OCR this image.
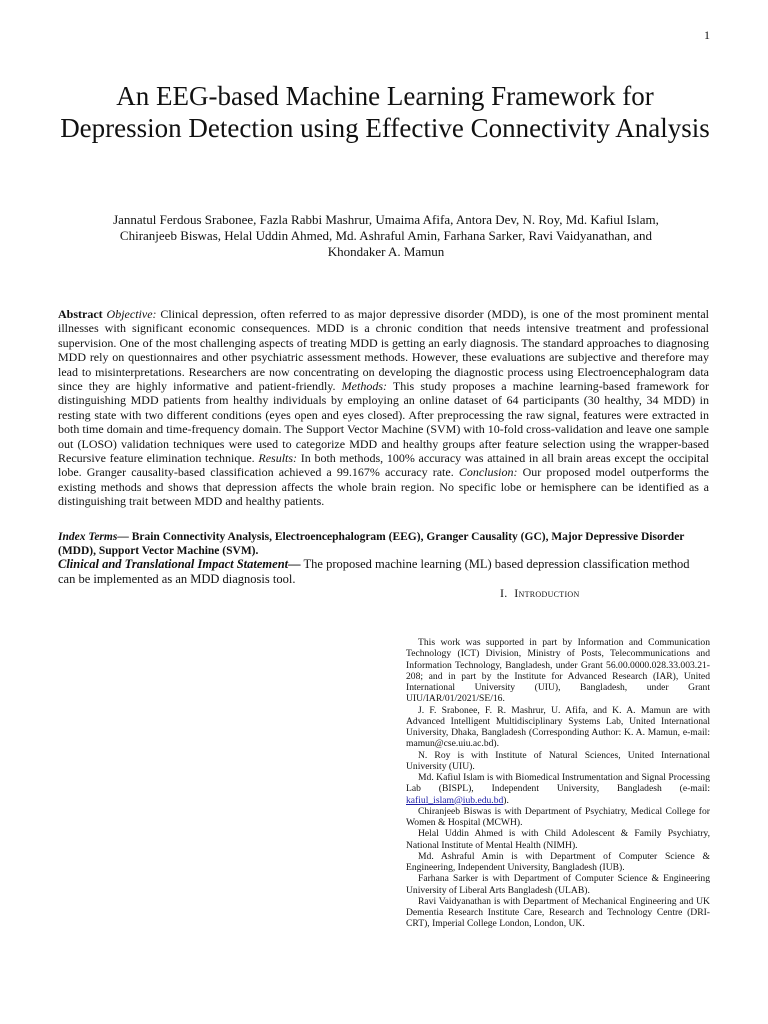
1
An EEG-based Machine Learning Framework for Depression Detection using Effective Connectivity Analysis
Jannatul Ferdous Srabonee, Fazla Rabbi Mashrur, Umaima Afifa, Antora Dev, N. Roy, Md. Kafiul Islam, Chiranjeeb Biswas, Helal Uddin Ahmed, Md. Ashraful Amin, Farhana Sarker, Ravi Vaidyanathan, and Khondaker A. Mamun
Abstract Objective: Clinical depression, often referred to as major depressive disorder (MDD), is one of the most prominent mental illnesses with significant economic consequences. MDD is a chronic condition that needs intensive treatment and professional supervision. One of the most challenging aspects of treating MDD is getting an early diagnosis. The standard approaches to diagnosing MDD rely on questionnaires and other psychiatric assessment methods. However, these evaluations are subjective and therefore may lead to misinterpretations. Researchers are now concentrating on developing the diagnostic process using Electroencephalogram data since they are highly informative and patient-friendly. Methods: This study proposes a machine learning-based framework for distinguishing MDD patients from healthy individuals by employing an online dataset of 64 participants (30 healthy, 34 MDD) in resting state with two different conditions (eyes open and eyes closed). After preprocessing the raw signal, features were extracted in both time domain and time-frequency domain. The Support Vector Machine (SVM) with 10-fold cross-validation and leave one sample out (LOSO) validation techniques were used to categorize MDD and healthy groups after feature selection using the wrapper-based Recursive feature elimination technique. Results: In both methods, 100% accuracy was attained in all brain areas except the occipital lobe. Granger causality-based classification achieved a 99.167% accuracy rate. Conclusion: Our proposed model outperforms the existing methods and shows that depression affects the whole brain region. No specific lobe or hemisphere can be identified as a distinguishing trait between MDD and healthy patients.
Index Terms— Brain Connectivity Analysis, Electroencephalogram (EEG), Granger Causality (GC), Major Depressive Disorder (MDD), Support Vector Machine (SVM).
Clinical and Translational Impact Statement— The proposed machine learning (ML) based depression classification method can be implemented as an MDD diagnosis tool.
I. Introduction

This work was supported in part by Information and Communication Technology (ICT) Division, Ministry of Posts, Telecommunications and Information Technology, Bangladesh, under Grant 56.00.0000.028.33.003.21-208; and in part by the Institute for Advanced Research (IAR), United International University (UIU), Bangladesh, under Grant UIU/IAR/01/2021/SE/16.

J. F. Srabonee, F. R. Mashrur, U. Afifa, and K. A. Mamun are with Advanced Intelligent Multidisciplinary Systems Lab, United International University, Dhaka, Bangladesh (Corresponding Author: K. A. Mamun, e-mail: mamun@cse.uiu.ac.bd).

N. Roy is with Institute of Natural Sciences, United International University (UIU).

Md. Kafiul Islam is with Biomedical Instrumentation and Signal Processing Lab (BISPL), Independent University, Bangladesh (e-mail: kafiul_islam@iub.edu.bd).

Chiranjeeb Biswas is with Department of Psychiatry, Medical College for Women & Hospital (MCWH).

Helal Uddin Ahmed is with Child Adolescent & Family Psychiatry, National Institute of Mental Health (NIMH).

Md. Ashraful Amin is with Department of Computer Science & Engineering, Independent University, Bangladesh (IUB).

Farhana Sarker is with Department of Computer Science & Engineering University of Liberal Arts Bangladesh (ULAB).

Ravi Vaidyanathan is with Department of Mechanical Engineering and UK Dementia Research Institute Care, Research and Technology Centre (DRI-CRT), Imperial College London, London, UK.
